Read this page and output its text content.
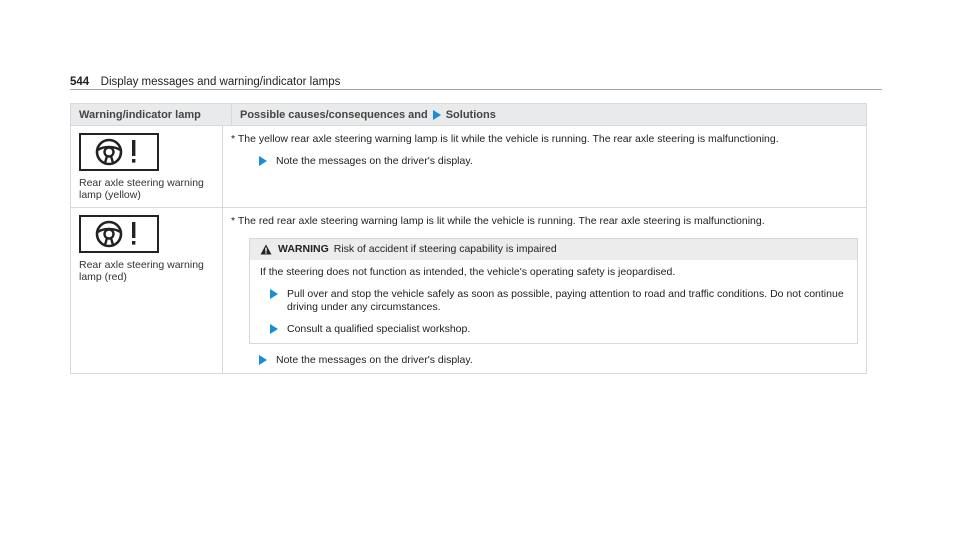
544 Display messages and warning/indicator lamps
Warning/indicator lamp	Possible causes/consequences and Solutions
Rear axle steering warning lamp (yellow)
* The yellow rear axle steering warning lamp is lit while the vehicle is running. The rear axle steering is malfunctioning.
Note the messages on the driver's display.
Rear axle steering warning lamp (red)
* The red rear axle steering warning lamp is lit while the vehicle is running. The rear axle steering is malfunctioning.
WARNING Risk of accident if steering capability is impaired
If the steering does not function as intended, the vehicle's operating safety is jeopardised.
Pull over and stop the vehicle safely as soon as possible, paying attention to road and traffic conditions. Do not continue driving under any circumstances.
Consult a qualified specialist workshop.
Note the messages on the driver's display.
